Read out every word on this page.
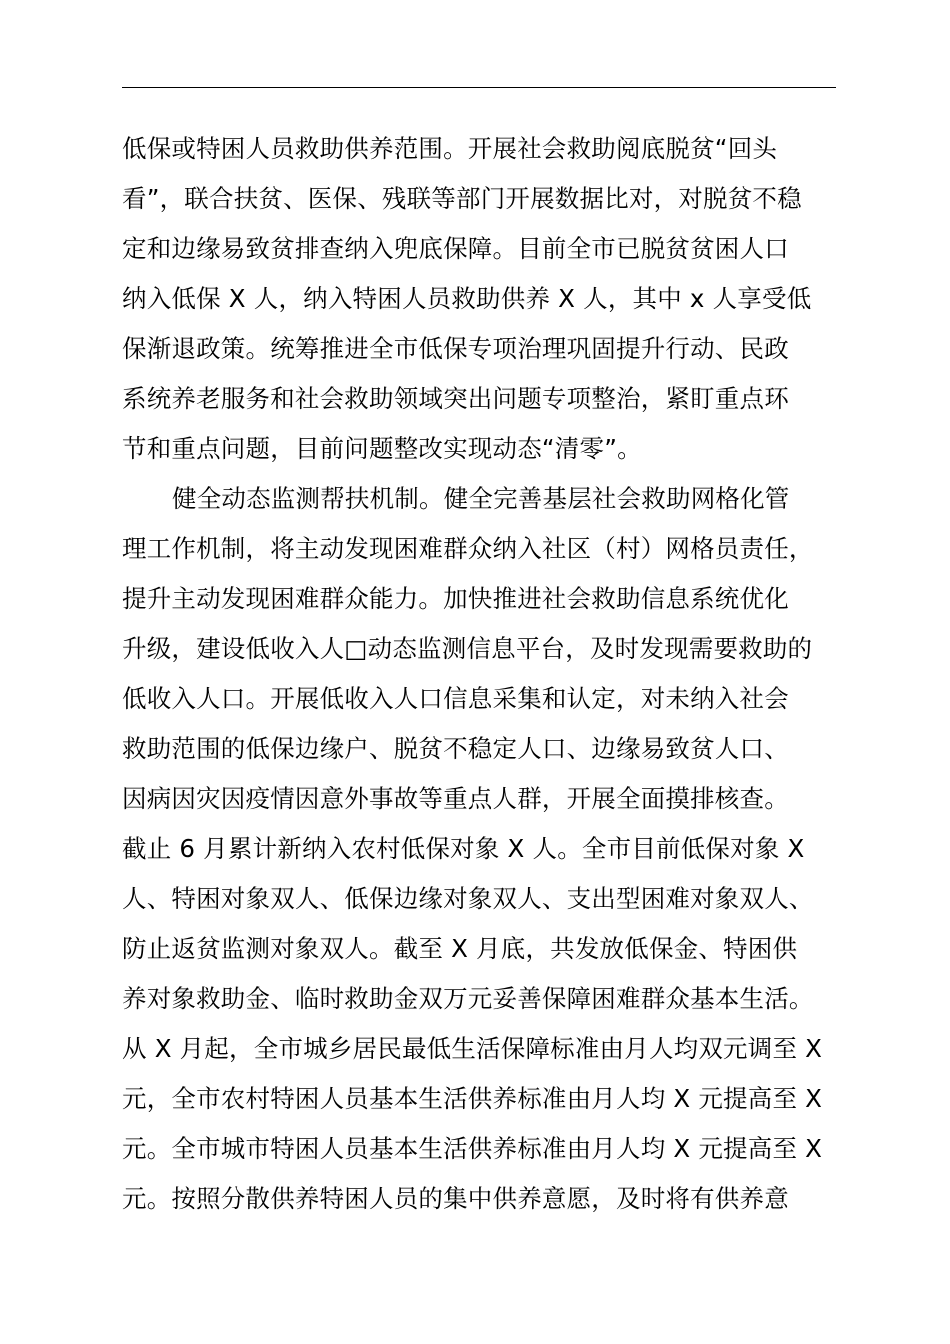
低保或特困人员救助供养范围。开展社会救助阅底脱贫“回头
看”，联合扶贫、医保、残联等部门开展数据比对，对脱贫不稳
定和边缘易致贫排查纳入兜底保障。目前全市已脱贫贫困人口
纳入低保 X 人，纳入特困人员救助供养 X 人，其中 x 人享受低
保渐退政策。统筹推进全市低保专项治理巩固提升行动、民政
系统养老服务和社会救助领域突出问题专项整治，紧盯重点环
节和重点问题，目前问题整改实现动态“清零”。
健全动态监测帮扶机制。健全完善基层社会救助网格化管
理工作机制，将主动发现困难群众纳入社区（村）网格员责任，
提升主动发现困难群众能力。加快推进社会救助信息系统优化
升级，建设低收入人□动态监测信息平台，及时发现需要救助的
低收入人口。开展低收入人口信息采集和认定，对未纳入社会
救助范围的低保边缘户、脱贫不稳定人口、边缘易致贫人口、
因病因灾因疫情因意外事故等重点人群，开展全面摸排核查。
截止 6 月累计新纳入农村低保对象 X 人。全市目前低保对象 X
人、特困对象双人、低保边缘对象双人、支出型困难对象双人、
防止返贫监测对象双人。截至 X 月底，共发放低保金、特困供
养对象救助金、临时救助金双万元妥善保障困难群众基本生活。
从 X 月起，全市城乡居民最低生活保障标准由月人均双元调至 X
元，全市农村特困人员基本生活供养标准由月人均 X 元提高至 X
元。全市城市特困人员基本生活供养标准由月人均 X 元提高至 X
元。按照分散供养特困人员的集中供养意愿，及时将有供养意
